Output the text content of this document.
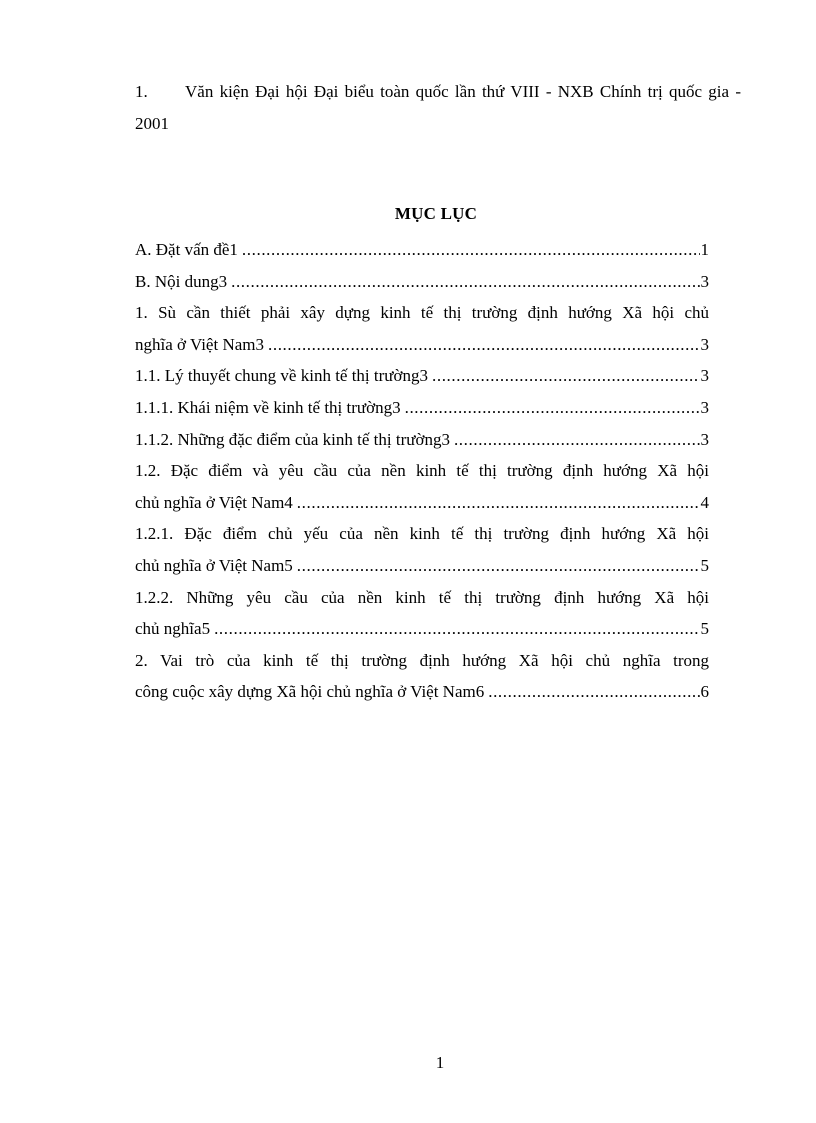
1. Văn kiện Đại hội Đại biểu toàn quốc lần thứ VIII - NXB Chính trị quốc gia - 2001
MỤC LỤC
A. Đặt vấn đề1 .....	1
B. Nội dung3 .....	3
1. Sù cần thiết phải xây dựng kinh tế thị trường định hướng Xã hội chủ
nghĩa ở Việt Nam3 .....	3
1.1. Lý thuyết chung về kinh tế thị trường3 .....	3
1.1.1. Khái niệm về kinh tế thị trường3 .....	3
1.1.2. Những đặc điểm của kinh tế thị trường3 .....	3
1.2. Đặc điểm và yêu cầu của nền kinh tế thị trường định hướng Xã hội
chủ nghĩa ở Việt Nam4 .....	4
1.2.1. Đặc điểm chủ yếu của nền kinh tế thị trường định hướng Xã hội
chủ nghĩa ở Việt Nam5 .....	5
1.2.2. Những yêu cầu của nền kinh tế thị trường định hướng Xã hội
chủ nghĩa5 .....	5
2. Vai trò của kinh tế thị trường định hướng Xã hội chủ nghĩa trong
công cuộc xây dựng Xã hội chủ nghĩa ở Việt Nam6 .....	6
1
